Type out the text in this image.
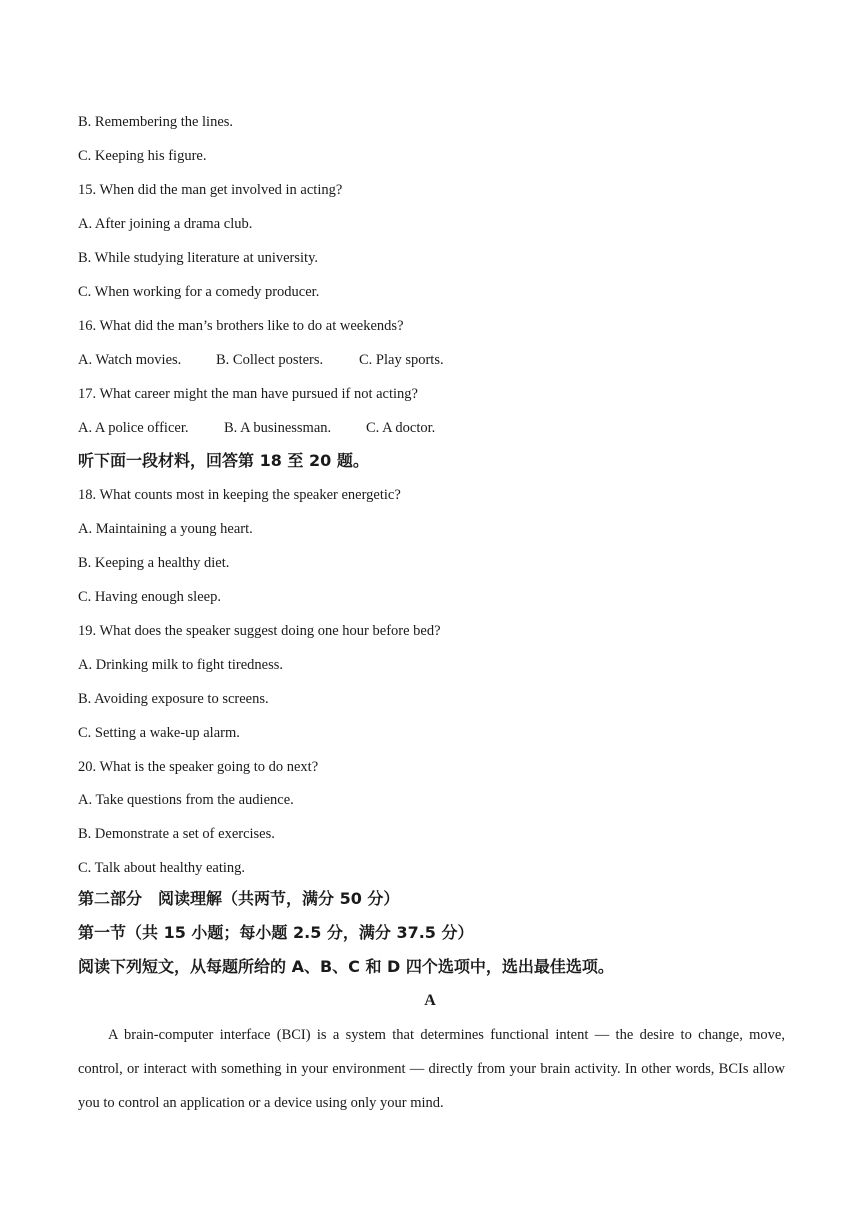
B. Remembering the lines.
C. Keeping his figure.
15. When did the man get involved in acting?
A. After joining a drama club.
B. While studying literature at university.
C. When working for a comedy producer.
16. What did the man’s brothers like to do at weekends?
A. Watch movies. B. Collect posters. C. Play sports.
17. What career might the man have pursued if not acting?
A. A police officer. B. A businessman. C. A doctor.
听下面一段材料，回答第 18 至 20 题。
18. What counts most in keeping the speaker energetic?
A. Maintaining a young heart.
B. Keeping a healthy diet.
C. Having enough sleep.
19. What does the speaker suggest doing one hour before bed?
A. Drinking milk to fight tiredness.
B. Avoiding exposure to screens.
C. Setting a wake-up alarm.
20. What is the speaker going to do next?
A. Take questions from the audience.
B. Demonstrate a set of exercises.
C. Talk about healthy eating.
第二部分　阅读理解（共两节，满分 50 分）
第一节（共 15 小题；每小题 2.5 分，满分 37.5 分）
阅读下列短文，从每题所给的 A、B、C 和 D 四个选项中，选出最佳选项。
A
A brain-computer interface (BCI) is a system that determines functional intent — the desire to change, move, control, or interact with something in your environment — directly from your brain activity. In other words, BCIs allow you to control an application or a device using only your mind.
